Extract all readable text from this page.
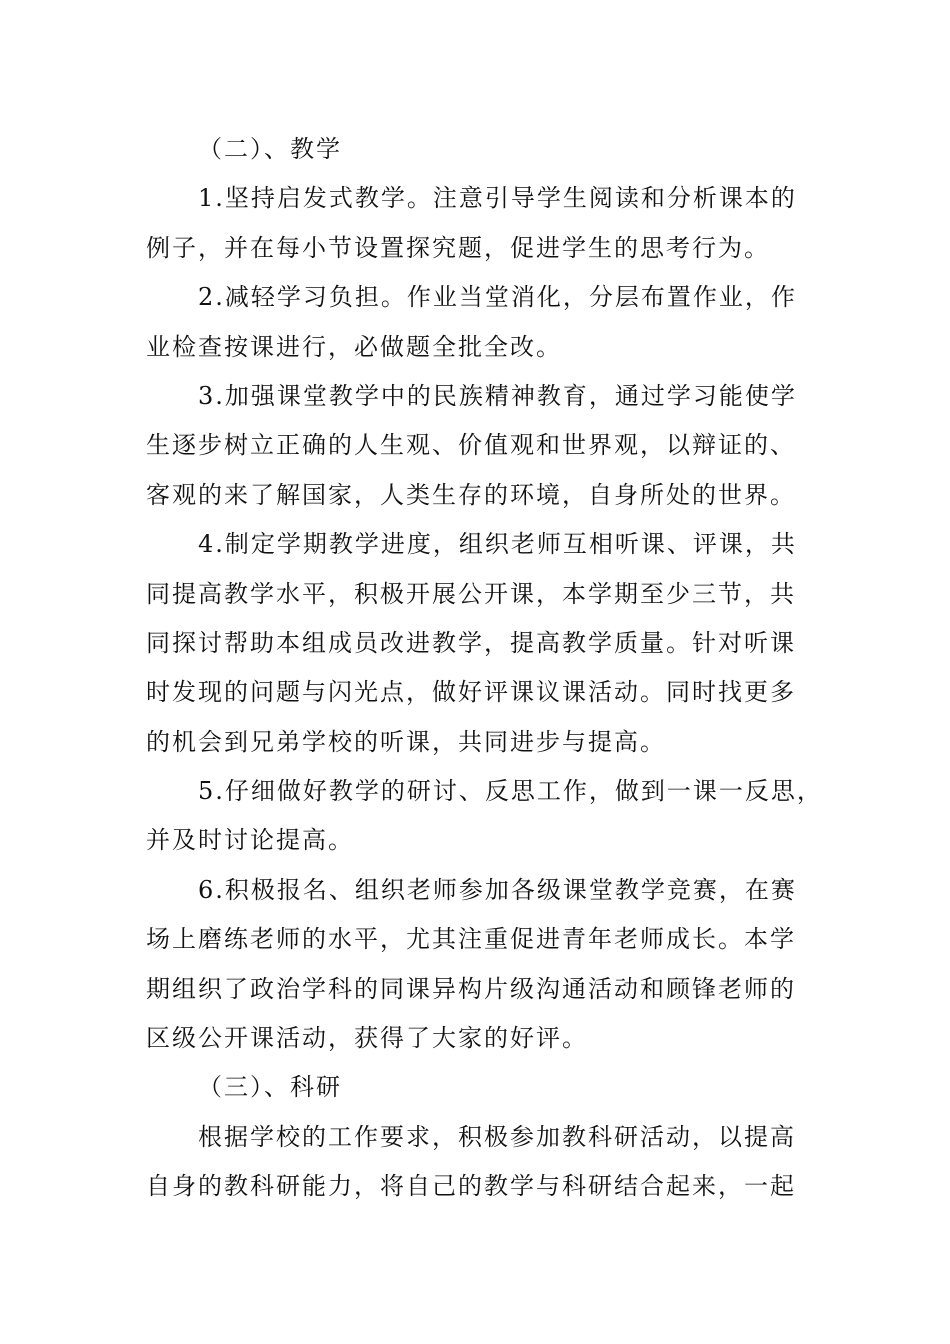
（二）、教学
1.坚持启发式教学。注意引导学生阅读和分析课本的
例子，并在每小节设置探究题，促进学生的思考行为。
2.减轻学习负担。作业当堂消化，分层布置作业，作
业检查按课进行，必做题全批全改。
3.加强课堂教学中的民族精神教育，通过学习能使学
生逐步树立正确的人生观、价值观和世界观，以辩证的、
客观的来了解国家，人类生存的环境，自身所处的世界。
4.制定学期教学进度，组织老师互相听课、评课，共
同提高教学水平，积极开展公开课，本学期至少三节，共
同探讨帮助本组成员改进教学，提高教学质量。针对听课
时发现的问题与闪光点，做好评课议课活动。同时找更多
的机会到兄弟学校的听课，共同进步与提高。
5.仔细做好教学的研讨、反思工作，做到一课一反思，
并及时讨论提高。
6.积极报名、组织老师参加各级课堂教学竞赛，在赛
场上磨练老师的水平，尤其注重促进青年老师成长。本学
期组织了政治学科的同课异构片级沟通活动和顾锋老师的
区级公开课活动，获得了大家的好评。
（三）、科研
根据学校的工作要求，积极参加教科研活动，以提高
自身的教科研能力，将自己的教学与科研结合起来，一起
